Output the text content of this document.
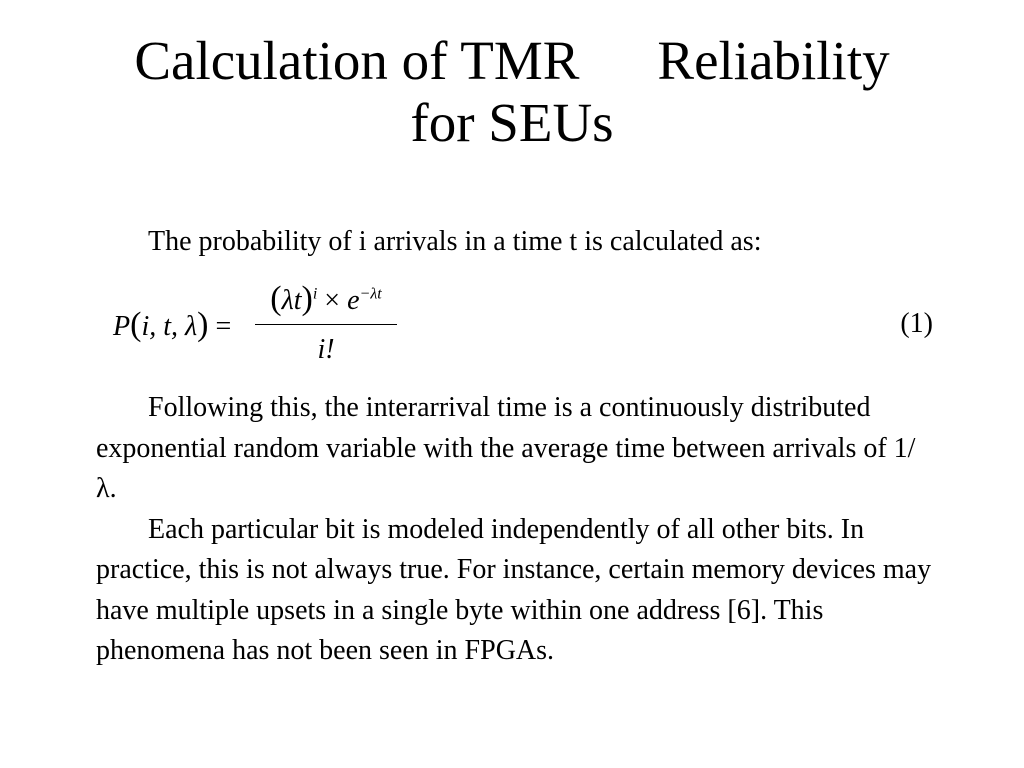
Calculation of TMR Reliability
for SEUs
The probability of i arrivals in a time t is calculated as:
P(i, t, λ) =
$(\lambda t)^i \times e^{-\lambda t}$
i!
(1)

Following this, the interarrival time is a continuously distributed exponential random variable with the average time between arrivals of 1/λ.

Each particular bit is modeled independently of all other bits. In practice, this is not always true. For instance, certain memory devices may have multiple upsets in a single byte within one address [6]. This phenomena has not been seen in FPGAs.
